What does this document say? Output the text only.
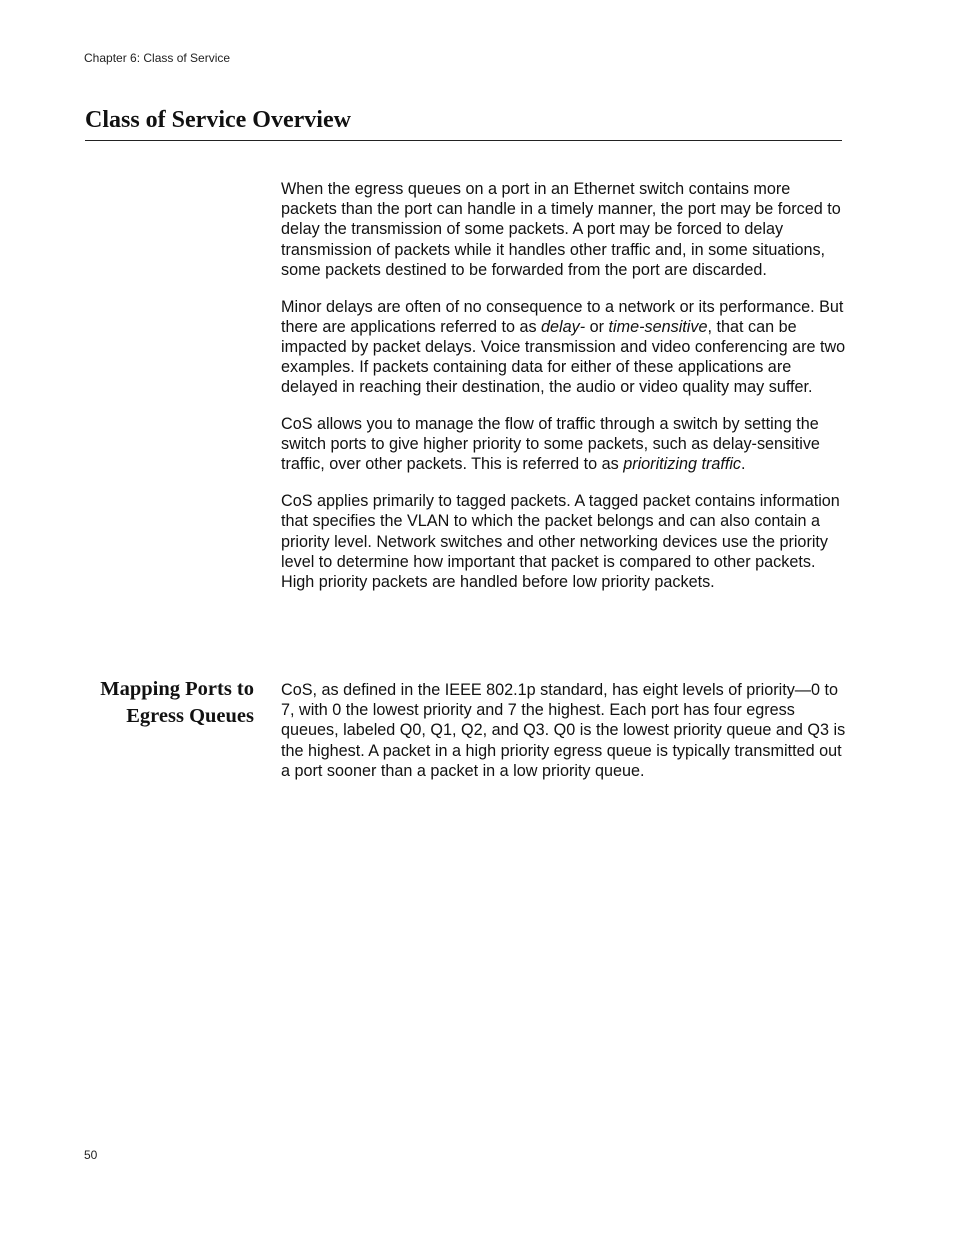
Chapter 6: Class of Service
Class of Service Overview

When the egress queues on a port in an Ethernet switch contains more packets than the port can handle in a timely manner, the port may be forced to delay the transmission of some packets. A port may be forced to delay transmission of packets while it handles other traffic and, in some situations, some packets destined to be forwarded from the port are discarded.

Minor delays are often of no consequence to a network or its performance. But there are applications referred to as delay- or time-sensitive, that can be impacted by packet delays. Voice transmission and video conferencing are two examples. If packets containing data for either of these applications are delayed in reaching their destination, the audio or video quality may suffer.

CoS allows you to manage the flow of traffic through a switch by setting the switch ports to give higher priority to some packets, such as delay-sensitive traffic, over other packets. This is referred to as prioritizing traffic.

CoS applies primarily to tagged packets. A tagged packet contains information that specifies the VLAN to which the packet belongs and can also contain a priority level. Network switches and other networking devices use the priority level to determine how important that packet is compared to other packets. High priority packets are handled before low priority packets.

Mapping Ports to
Egress Queues

CoS, as defined in the IEEE 802.1p standard, has eight levels of priority—0 to 7, with 0 the lowest priority and 7 the highest. Each port has four egress queues, labeled Q0, Q1, Q2, and Q3. Q0 is the lowest priority queue and Q3 is the highest. A packet in a high priority egress queue is typically transmitted out a port sooner than a packet in a low priority queue.

50
